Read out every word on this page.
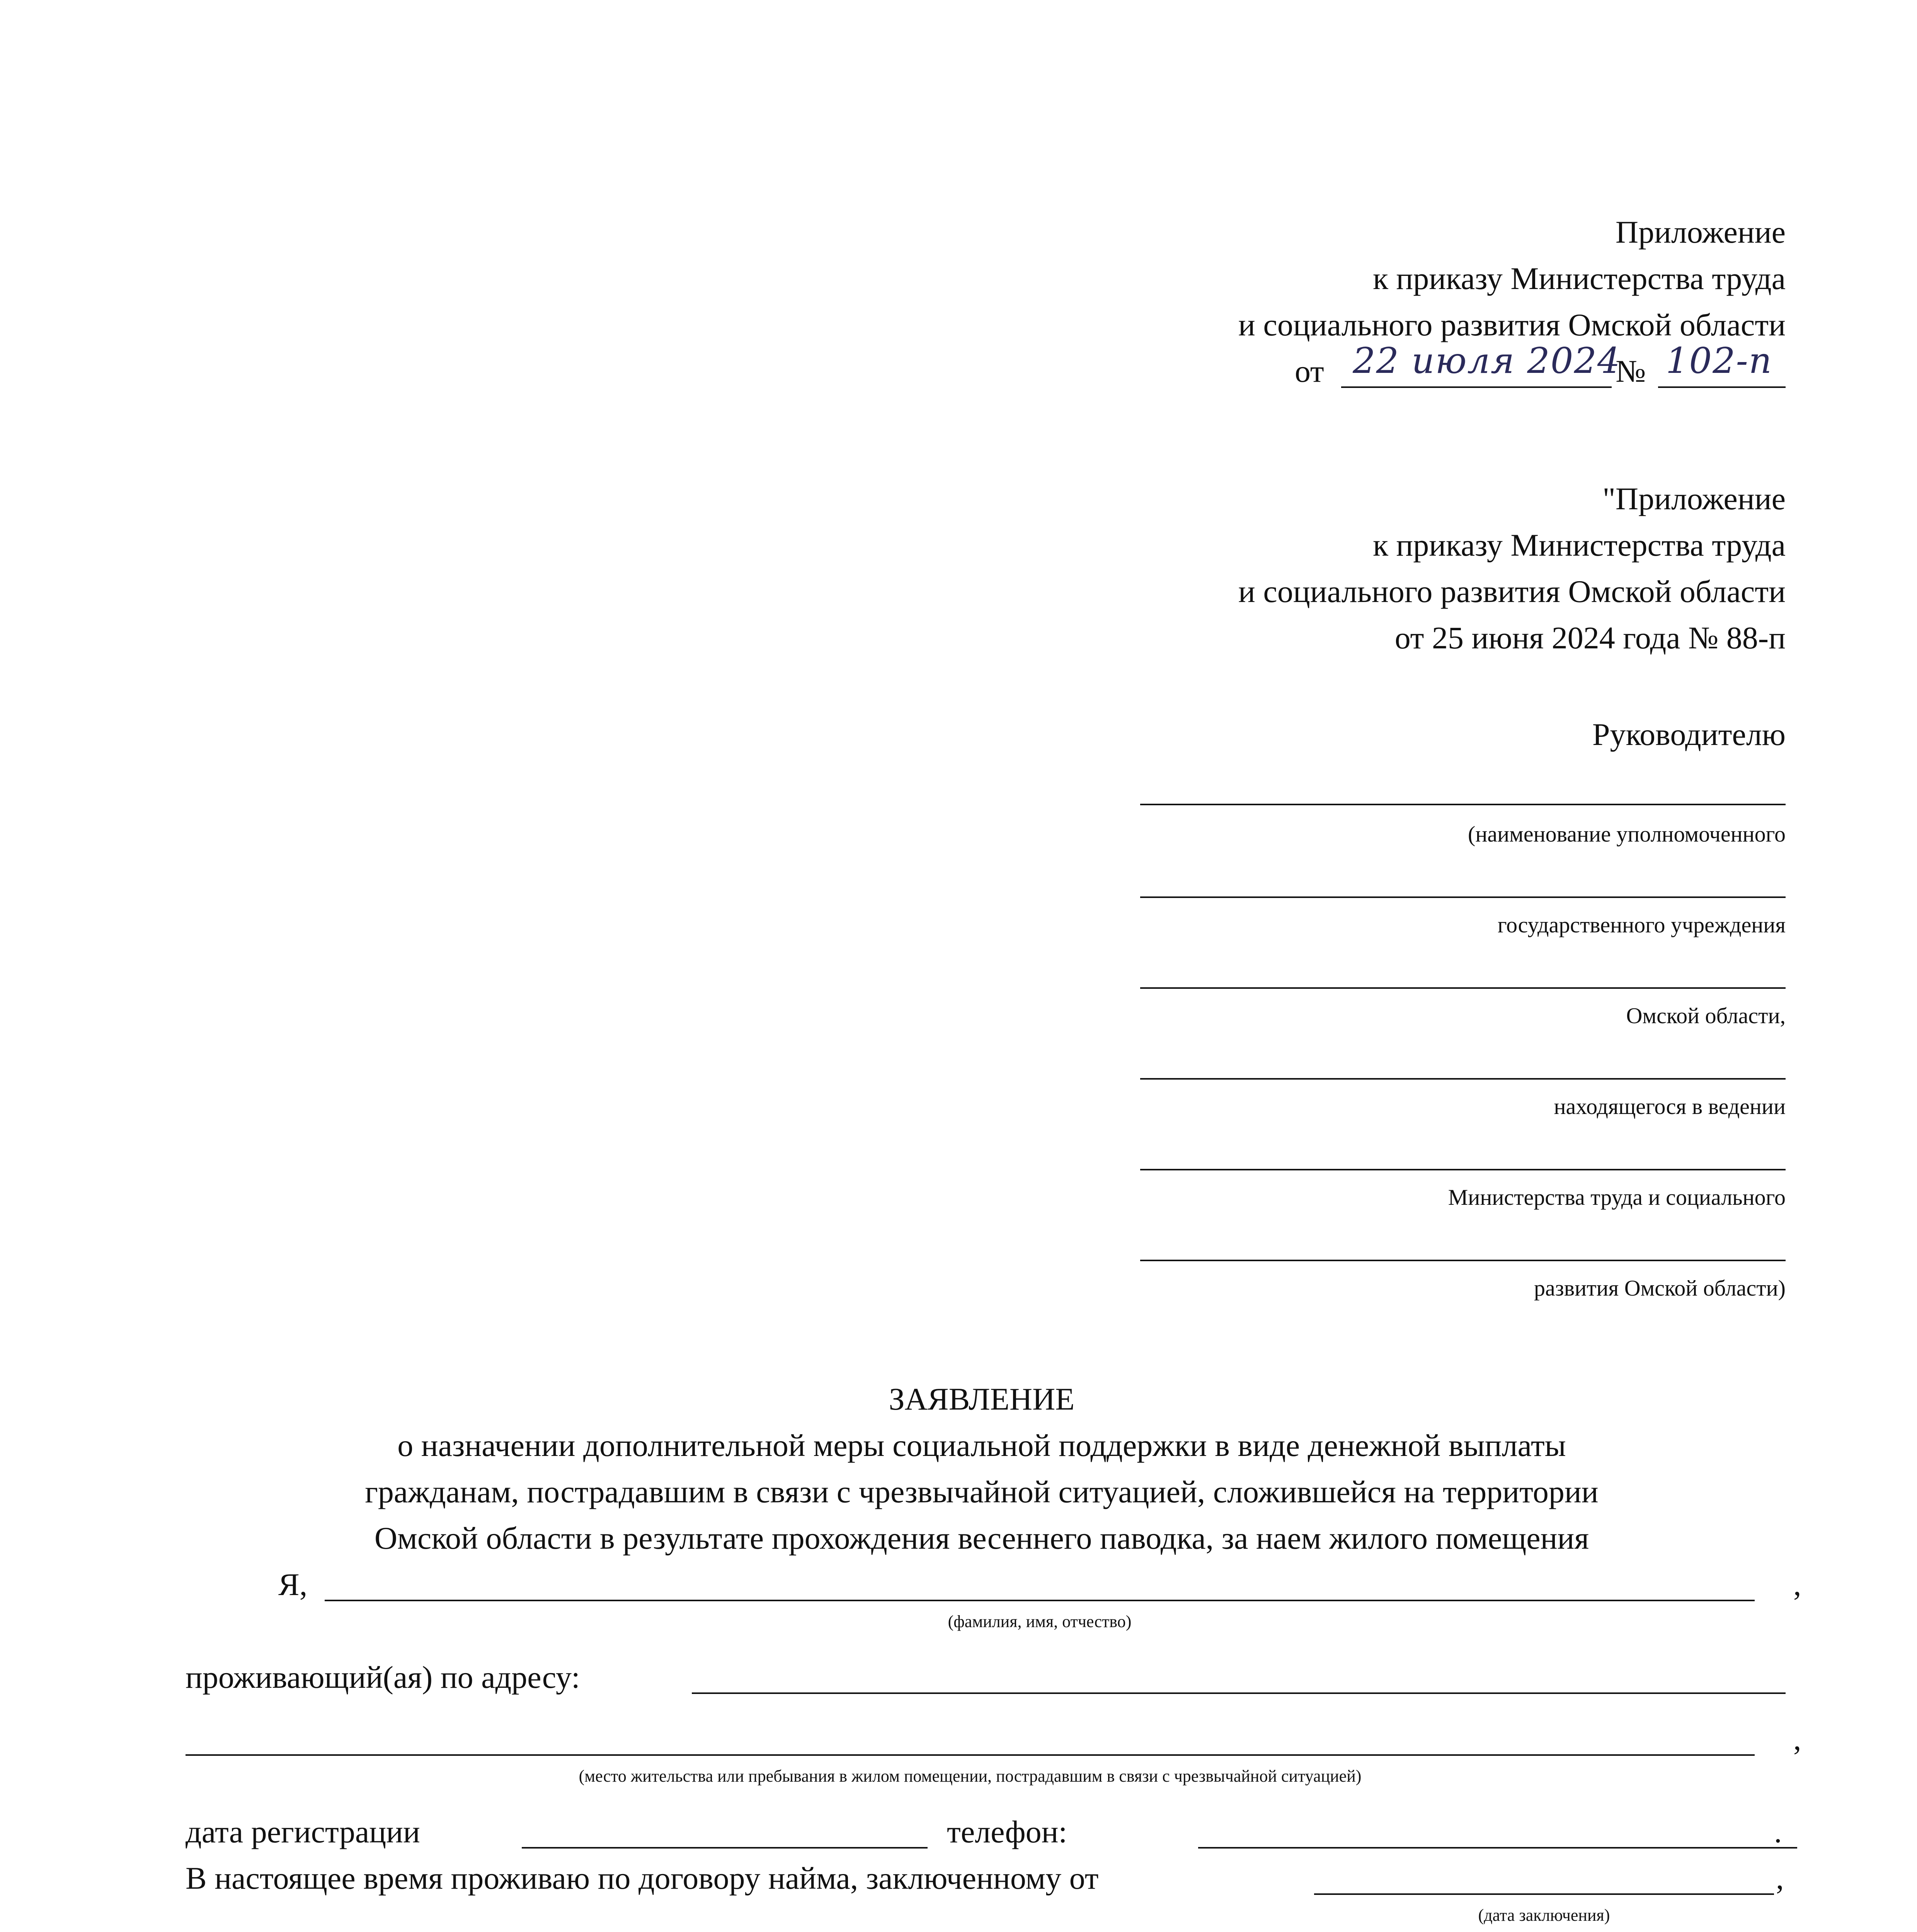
Приложение
к приказу Министерства труда
и социального развития Омской области
от 22 июля 2024
№ 102-п
"Приложение
к приказу Министерства труда
и социального развития Омской области
от 25 июня 2024 года № 88-п
Руководителю
(наименование уполномоченного
государственного учреждения
Омской области,
находящегося в ведении
Министерства труда и социального
развития Омской области)
ЗАЯВЛЕНИЕ
о назначении дополнительной меры социальной поддержки в виде денежной выплаты
гражданам, пострадавшим в связи с чрезвычайной ситуацией, сложившейся на территории
Омской области в результате прохождения весеннего паводка, за наем жилого помещения
Я,	,
(фамилия, имя, отчество)
проживающий(ая) по адресу:
,
(место жительства или пребывания в жилом помещении, пострадавшим в связи с чрезвычайной ситуацией)
дата регистрации	телефон:	.
В настоящее время проживаю по договору найма, заключенному от	,
(дата заключения)
